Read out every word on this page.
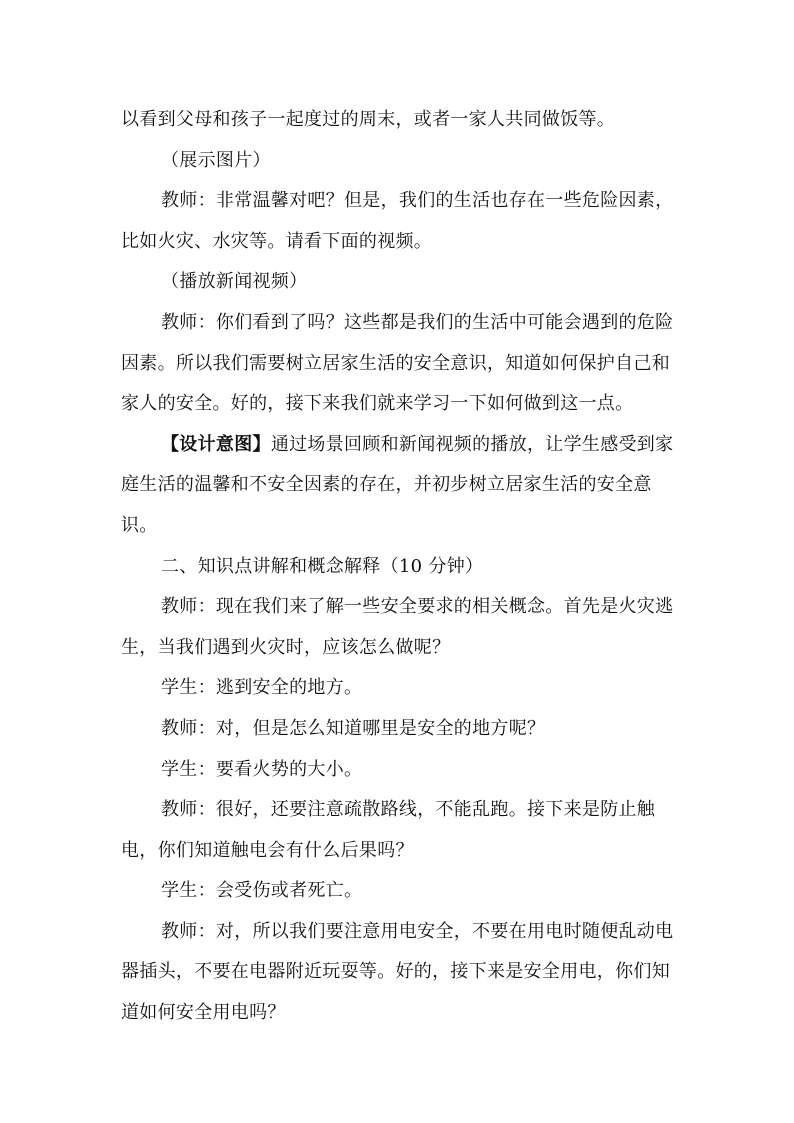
以看到父母和孩子一起度过的周末，或者一家人共同做饭等。

（展示图片）

教师：非常温馨对吧？但是，我们的生活也存在一些危险因素，比如火灾、水灾等。请看下面的视频。

（播放新闻视频）

教师：你们看到了吗？这些都是我们的生活中可能会遇到的危险因素。所以我们需要树立居家生活的安全意识，知道如何保护自己和家人的安全。好的，接下来我们就来学习一下如何做到这一点。

【设计意图】通过场景回顾和新闻视频的播放，让学生感受到家庭生活的温馨和不安全因素的存在，并初步树立居家生活的安全意识。

二、知识点讲解和概念解释（10 分钟）

教师：现在我们来了解一些安全要求的相关概念。首先是火灾逃生，当我们遇到火灾时，应该怎么做呢？

学生：逃到安全的地方。

教师：对，但是怎么知道哪里是安全的地方呢？

学生：要看火势的大小。

教师：很好，还要注意疏散路线，不能乱跑。接下来是防止触电，你们知道触电会有什么后果吗？

学生：会受伤或者死亡。

教师：对，所以我们要注意用电安全，不要在用电时随便乱动电器插头，不要在电器附近玩耍等。好的，接下来是安全用电，你们知道如何安全用电吗？
